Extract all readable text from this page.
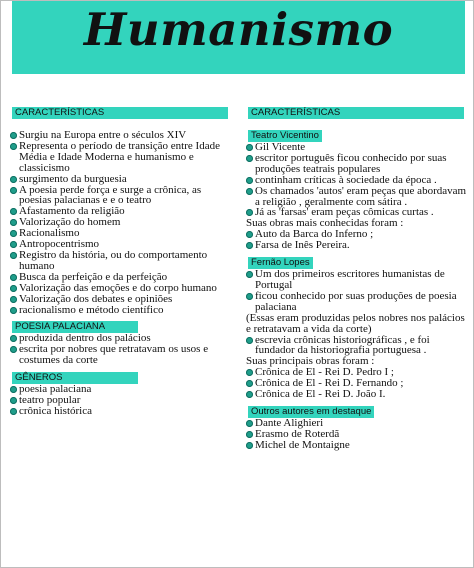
Humanismo
CARACTERÍSTICAS
Surgiu na Europa entre o séculos XIV
Representa o período de transição entre Idade Média e Idade Moderna e humanismo e classicismo
surgimento da burguesia
A poesia perde força e surge a crônica, as poesias palacianas e e o teatro
Afastamento da religião
Valorização do homem
Racionalismo
Antropocentrismo
Registro da história, ou do comportamento humano
Busca da perfeição e da perfeição
Valorização das emoções e do corpo humano
Valorização dos debates e opiniões
racionalismo e método científico
POESIA PALACIANA
produzida dentro dos palácios
escrita por nobres que retratavam os usos e costumes da corte
GÊNEROS
poesia palaciana
teatro popular
crônica histórica
CARACTERÍSTICAS
Teatro Vicentino
Gil Vicente
escritor português ficou conhecido por suas produções teatrais populares
continham críticas à sociedade da época .
Os chamados 'autos' eram peças que abordavam a religião , geralmente com sátira .
Já as 'farsas' eram peças cômicas curtas .
Suas obras mais conhecidas foram :
Auto da Barca do Inferno ;
Farsa de Inês Pereira.
Fernão Lopes
Um dos primeiros escritores humanistas de Portugal
ficou conhecido por suas produções de poesia palaciana
(Essas eram produzidas pelos nobres nos palácios e retratavam a vida da corte)
escrevia crônicas historiográficas , e foi fundador da historiografia portuguesa .
Suas principais obras foram :
Crônica de El - Rei D. Pedro I ;
Crônica de El - Rei D. Fernando ;
Crônica de El - Rei D. João I.
Outros autores em destaque
Dante Alighieri
Erasmo de Roterdã
Michel de Montaigne
